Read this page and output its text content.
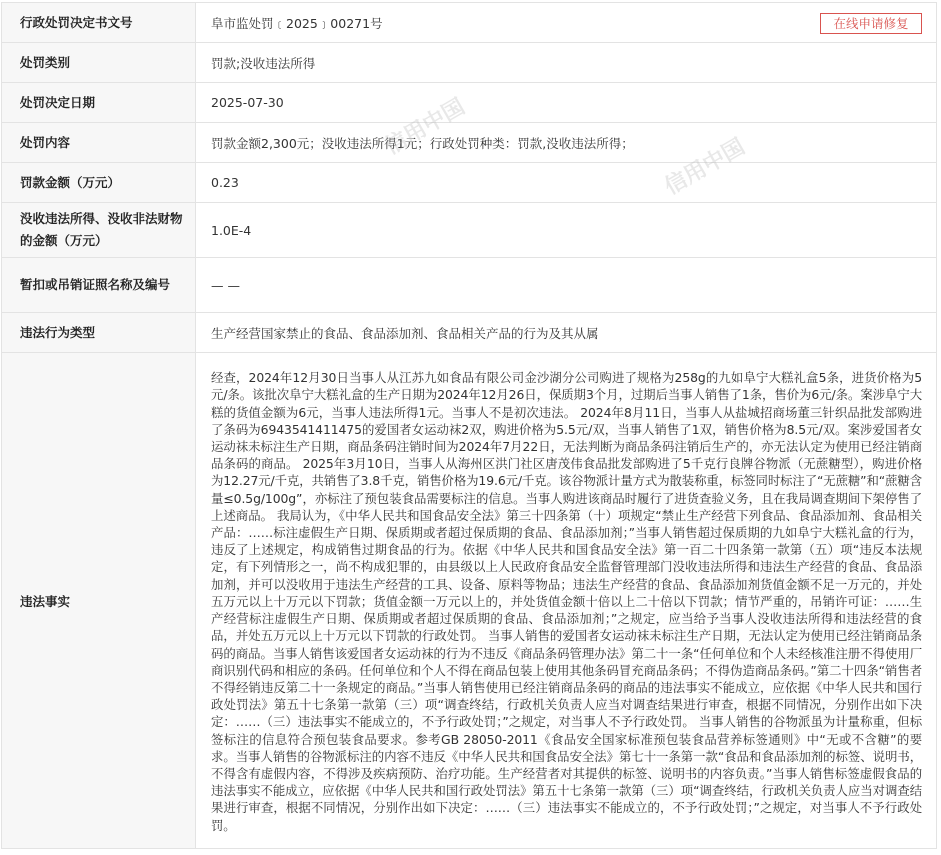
行政处罚决定书文号	阜市监处罚﹝2025﹞00271号 在线申请修复

处罚类别	罚款;没收违法所得
处罚决定日期	2025-07-30
处罚内容	罚款金额2,300元；没收违法所得1元；行政处罚种类：罚款,没收违法所得；
罚款金额（万元）	0.23
没收违法所得、没收非法财物的金额（万元）	1.0E-4
暂扣或吊销证照名称及编号	— —
违法行为类型	生产经营国家禁止的食品、食品添加剂、食品相关产品的行为及其从属
违法事实	经查，2024年12月30日当事人从江苏九如食品有限公司金沙湖分公司购进了规格为258g的九如阜宁大糕礼盒5条，进货价格为5元/条。该批次阜宁大糕礼盒的生产日期为2024年12月26日，保质期3个月，过期后当事人销售了1条，售价为6元/条。案涉阜宁大糕的货值金额为6元，当事人违法所得1元。当事人不是初次违法。 2024年8月11日，当事人从盐城招商场董三针织品批发部购进了条码为6943541411475的爱国者女运动袜2双，购进价格为5.5元/双，当事人销售了1双，销售价格为8.5元/双。案涉爱国者女运动袜未标注生产日期，商品条码注销时间为2024年7月22日，无法判断为商品条码注销后生产的，亦无法认定为使用已经注销商品条码的商品。 2025年3月10日，当事人从海州区洪门社区唐茂伟食品批发部购进了5千克行良牌谷物派（无蔗糖型），购进价格为12.27元/千克，共销售了3.8千克，销售价格为19.6元/千克。该谷物派计量方式为散装称重，标签同时标注了“无蔗糖”和“蔗糖含量≤0.5g/100g”，亦标注了预包装食品需要标注的信息。当事人购进该商品时履行了进货查验义务，且在我局调查期间下架停售了上述商品。 我局认为，《中华人民共和国食品安全法》第三十四条第（十）项规定“禁止生产经营下列食品、食品添加剂、食品相关产品：……标注虚假生产日期、保质期或者超过保质期的食品、食品添加剂；”当事人销售超过保质期的九如阜宁大糕礼盒的行为，违反了上述规定，构成销售过期食品的行为。依据《中华人民共和国食品安全法》第一百二十四条第一款第（五）项“违反本法规定，有下列情形之一，尚不构成犯罪的，由县级以上人民政府食品安全监督管理部门没收违法所得和违法生产经营的食品、食品添加剂，并可以没收用于违法生产经营的工具、设备、原料等物品；违法生产经营的食品、食品添加剂货值金额不足一万元的，并处五万元以上十万元以下罚款；货值金额一万元以上的，并处货值金额十倍以上二十倍以下罚款；情节严重的，吊销许可证：……生产经营标注虚假生产日期、保质期或者超过保质期的食品、食品添加剂；”之规定，应当给予当事人没收违法所得和违法经营的食品，并处五万元以上十万元以下罚款的行政处罚。 当事人销售的爱国者女运动袜未标注生产日期，无法认定为使用已经注销商品条码的商品。当事人销售该爱国者女运动袜的行为不违反《商品条码管理办法》第二十一条“任何单位和个人未经核准注册不得使用厂商识别代码和相应的条码。任何单位和个人不得在商品包装上使用其他条码冒充商品条码；不得伪造商品条码。”第二十四条“销售者不得经销违反第二十一条规定的商品。”当事人销售使用已经注销商品条码的商品的违法事实不能成立，应依据《中华人民共和国行政处罚法》第五十七条第一款第（三）项“调查终结，行政机关负责人应当对调查结果进行审查，根据不同情况，分别作出如下决定：……（三）违法事实不能成立的，不予行政处罚；”之规定，对当事人不予行政处罚。 当事人销售的谷物派虽为计量称重，但标签标注的信息符合预包装食品要求。参考GB 28050-2011《食品安全国家标准预包装食品营养标签通则》中“无或不含糖”的要求。当事人销售的谷物派标注的内容不违反《中华人民共和国食品安全法》第七十一条第一款“食品和食品添加剂的标签、说明书，不得含有虚假内容，不得涉及疾病预防、治疗功能。生产经营者对其提供的标签、说明书的内容负责。”当事人销售标签虚假食品的违法事实不能成立，应依据《中华人民共和国行政处罚法》第五十七条第一款第（三）项“调查终结，行政机关负责人应当对调查结果进行审查，根据不同情况，分别作出如下决定：……（三）违法事实不能成立的，不予行政处罚；”之规定，对当事人不予行政处罚。

信用中国
信用中国
